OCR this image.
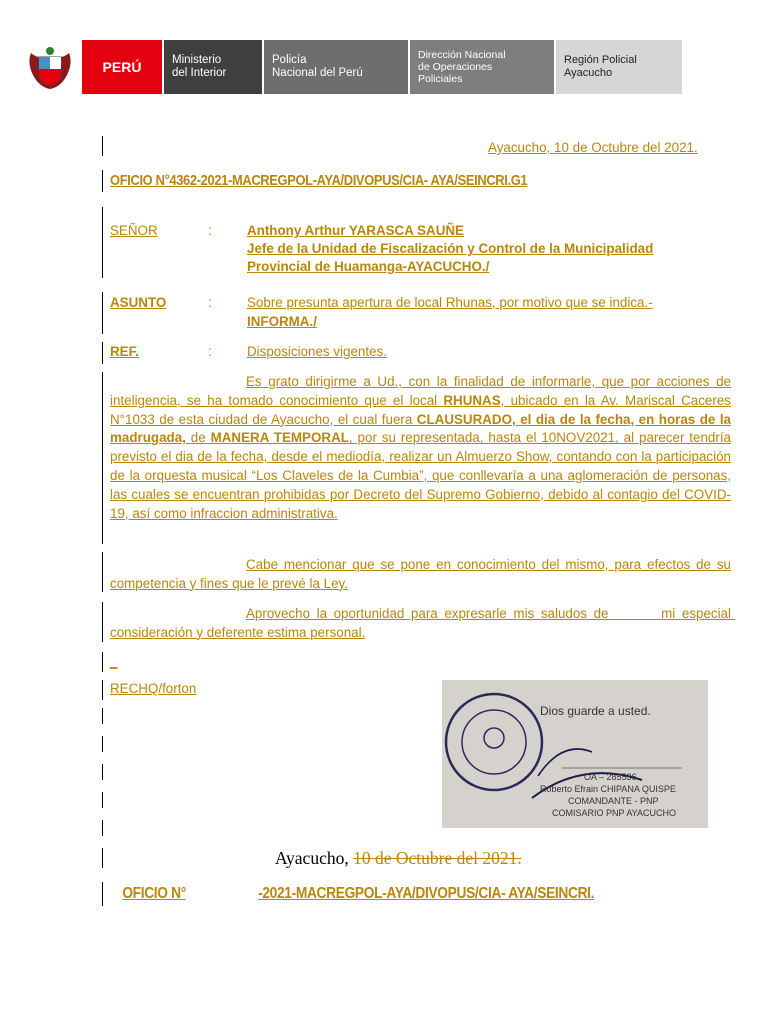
PERÚ	Ministerio
del Interior
Policía
Nacional del Perú
Dirección Nacional
de Operaciones
Policiales
Región Policial
Ayacucho
Ayacucho, 10 de Octubre del 2021.
OFICIO N°4362-2021-MACREGPOL-AYA/DIVOPUS/CIA- AYA/SEINCRI.G1
SEÑOR	:	Anthony Arthur YARASCA SAUÑE
Jefe de la Unidad de Fiscalización y Control de la Municipalidad
Provincial de Huamanga-AYACUCHO./
ASUNTO	:	Sobre presunta apertura de local Rhunas, por motivo que se indica.-
INFORMA./
REF.	:	Disposiciones vigentes.
Es grato dirigirme a Ud., con la finalidad de informarle, que por acciones de inteligencia, se ha tomado conocimiento que el local RHUNAS, ubicado en la Av. Mariscal Caceres N°1033 de esta ciudad de Ayacucho, el cual fuera CLAUSURADO, el dia de la fecha, en horas de la madrugada, de MANERA TEMPORAL, por su representada, hasta el 10NOV2021, al parecer tendría previsto el dia de la fecha, desde el mediodía, realizar un Almuerzo Show, contando con la participación de la orquesta musical “Los Claveles de la Cumbia”, que conllevaría a una aglomeración de personas, las cuales se encuentran prohibidas por Decreto del Supremo Gobierno, debido al contagio del COVID-19, así como infraccion administrativa.
Cabe mencionar que se pone en conocimiento del mismo, para efectos de su competencia y fines que le prevé la Ley.
Aprovecho la oportunidad para expresarle mis saludos de        mi especial consideración y deferente estima personal.
_
RECHQ/forton
Dios guarde a usted.
OA – 285536
Roberto Efrain CHIPANA QUISPE
COMANDANTE - PNP
COMISARIO PNP AYACUCHO
Ayacucho, 10 de Octubre del 2021.
OFICIO N°	-2021-MACREGPOL-AYA/DIVOPUS/CIA- AYA/SEINCRI.
